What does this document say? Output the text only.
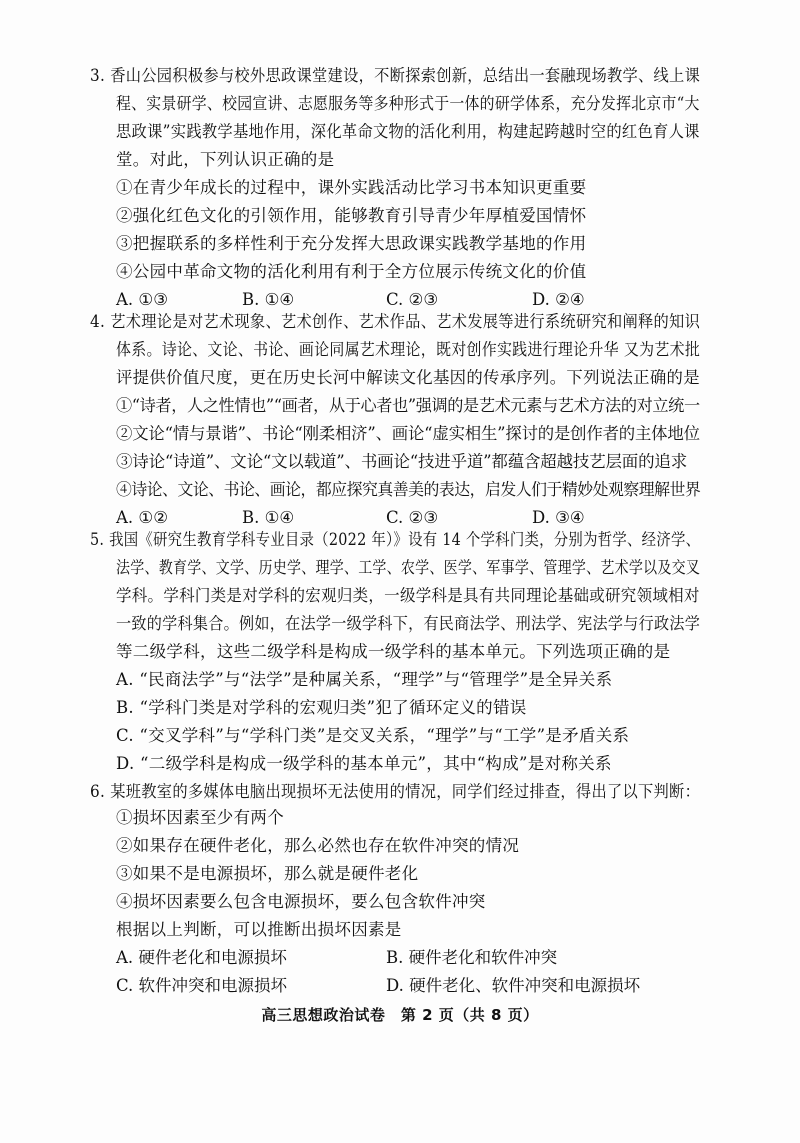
3. 香山公园积极参与校外思政课堂建设，不断探索创新，总结出一套融现场教学、线上课
程、实景研学、校园宣讲、志愿服务等多种形式于一体的研学体系，充分发挥北京市“大
思政课”实践教学基地作用，深化革命文物的活化利用，构建起跨越时空的红色育人课
堂。对此，下列认识正确的是
①在青少年成长的过程中，课外实践活动比学习书本知识更重要
②强化红色文化的引领作用，能够教育引导青少年厚植爱国情怀
③把握联系的多样性利于充分发挥大思政课实践教学基地的作用
④公园中革命文物的活化利用有利于全方位展示传统文化的价值
A. ①③	B. ①④	C. ②③	D. ②④
4. 艺术理论是对艺术现象、艺术创作、艺术作品、艺术发展等进行系统研究和阐释的知识
体系。诗论、文论、书论、画论同属艺术理论，既对创作实践进行理论升华 又为艺术批
评提供价值尺度，更在历史长河中解读文化基因的传承序列。下列说法正确的是
①“诗者，人之性情也”“画者，从于心者也”强调的是艺术元素与艺术方法的对立统一
②文论“情与景谐”、书论“刚柔相济”、画论“虚实相生”探讨的是创作者的主体地位
③诗论“诗道”、文论“文以载道”、书画论“技进乎道”都蕴含超越技艺层面的追求
④诗论、文论、书论、画论，都应探究真善美的表达，启发人们于精妙处观察理解世界
A. ①②	B. ①④	C. ②③	D. ③④
5. 我国《研究生教育学科专业目录（2022 年）》设有 14 个学科门类，分别为哲学、经济学、
法学、教育学、文学、历史学、理学、工学、农学、医学、军事学、管理学、艺术学以及交叉
学科。学科门类是对学科的宏观归类，一级学科是具有共同理论基础或研究领域相对
一致的学科集合。例如，在法学一级学科下，有民商法学、刑法学、宪法学与行政法学
等二级学科，这些二级学科是构成一级学科的基本单元。下列选项正确的是
A. “民商法学”与“法学”是种属关系，“理学”与“管理学”是全异关系
B. “学科门类是对学科的宏观归类”犯了循环定义的错误
C. “交叉学科”与“学科门类”是交叉关系，“理学”与“工学”是矛盾关系
D. “二级学科是构成一级学科的基本单元”，其中“构成”是对称关系
6. 某班教室的多媒体电脑出现损坏无法使用的情况，同学们经过排查，得出了以下判断：
①损坏因素至少有两个
②如果存在硬件老化，那么必然也存在软件冲突的情况
③如果不是电源损坏，那么就是硬件老化
④损坏因素要么包含电源损坏，要么包含软件冲突
根据以上判断，可以推断出损坏因素是
A. 硬件老化和电源损坏	B. 硬件老化和软件冲突
C. 软件冲突和电源损坏	D. 硬件老化、软件冲突和电源损坏
高三思想政治试卷　第 2 页（共 8 页）
